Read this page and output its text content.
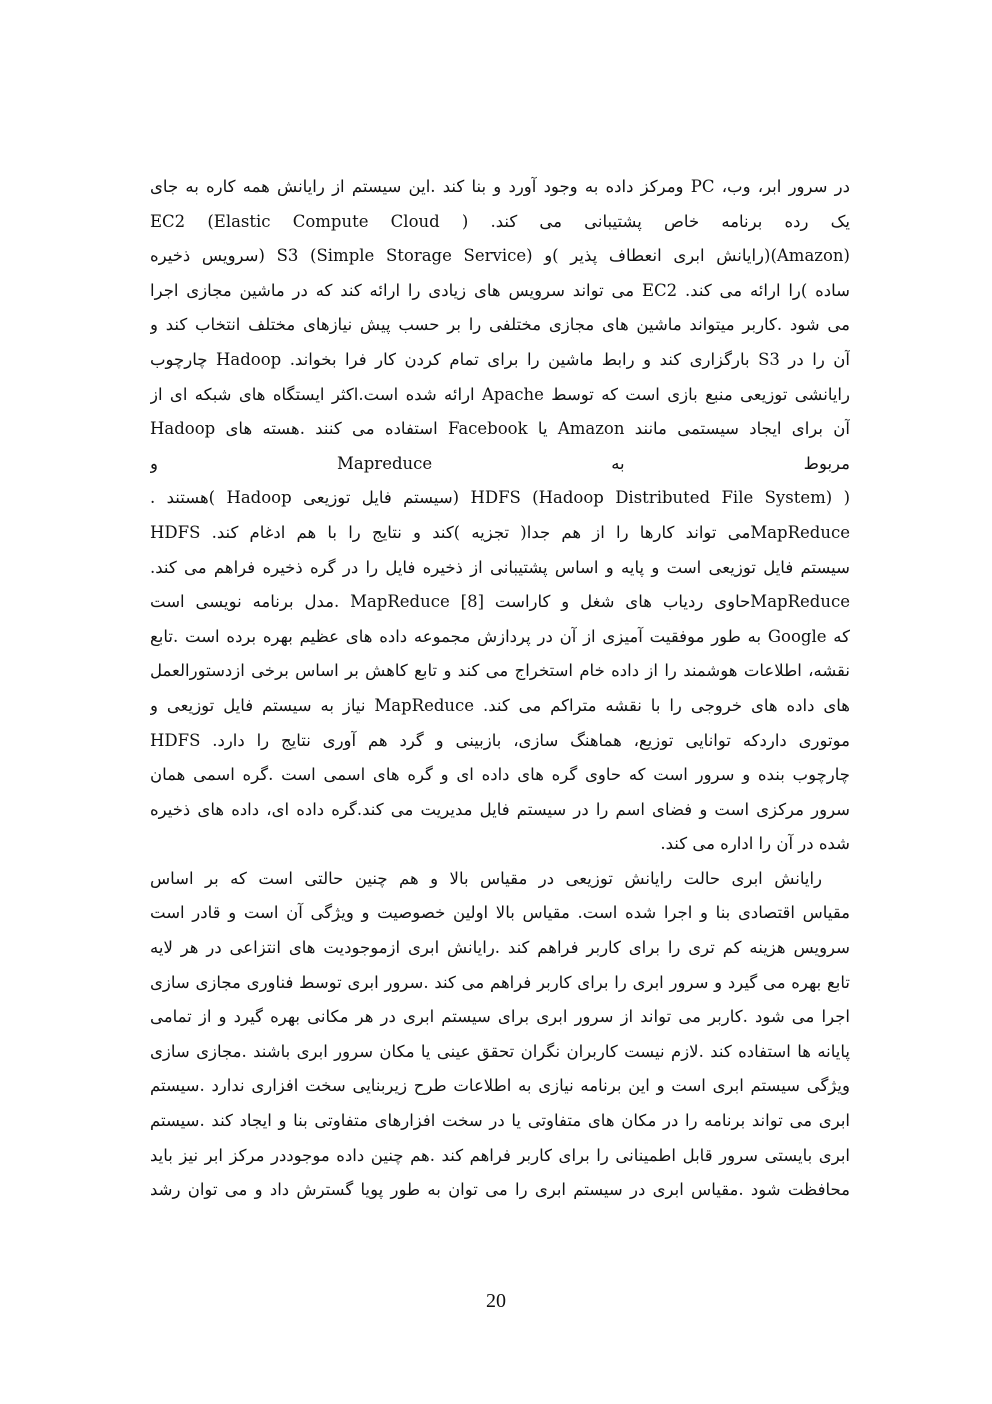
در سرور ابر، وب، PC ومرکز داده به وجود آورد و بنا کند .این سیستم از رایانش همه کاره به جای
یک رده برنامه خاص پشتیبانی می کند. ( EC2 (Elastic Compute Cloud
(Amazon)(رایانش ابری انعطاف پذیر )و S3 (Simple Storage Service) (سرویس ذخیره
ساده )را ارائه می کند. EC2 می تواند سرویس های زیادی را ارائه کند که در ماشین مجازی اجرا
می شود .کاربر میتواند ماشین های مجازی مختلفی را بر حسب پیش نیازهای مختلف انتخاب کند و
آن را در S3 بارگزاری کند و رابط ماشین را برای تمام کردن کار فرا بخواند. Hadoop چارچوب
رایانشی توزیعی منبع بازی است که توسط Apache ارائه شده است.اکثر ایستگاه های شبکه ای از
آن برای ایجاد سیستمی مانند Amazon یا Facebook استفاده می کنند .هسته های Hadoop
مربوط به Mapreduce و
( HDFS (Hadoop Distributed File System) (سیستم فایل توزیعی Hadoop )هستند .
MapReduceمی تواند کارها را از هم جدا( تجزیه )کند و نتایج را با هم ادغام کند. HDFS
سیستم فایل توزیعی است و پایه و اساس پشتیبانی از ذخیره فایل را در گره ذخیره فراهم می کند.
MapReduceحاوی ردیاب های شغل و کاراست [8] MapReduce .مدل برنامه نویسی است
که Google به طور موفقیت آمیزی از آن در پردازش مجموعه داده های عظیم بهره برده است .تابع
نقشه، اطلاعات هوشمند را از داده خام استخراج می کند و تابع کاهش بر اساس برخی ازدستورالعمل
های داده های خروجی را با نقشه متراکم می کند. MapReduce نیاز به سیستم فایل توزیعی و
موتوری داردکه توانایی توزیع، هماهنگ سازی، بازبینی و گرد هم آوری نتایج را دارد. HDFS
چارچوب بنده و سرور است که حاوی گره های داده ای و گره های اسمی است .گره اسمی همان
سرور مرکزی است و فضای اسم را در سیستم فایل مدیریت می کند.گره داده ای، داده های ذخیره
شده در آن را اداره می کند.
رایانش ابری حالت رایانش توزیعی در مقیاس بالا و هم چنین حالتی است که بر اساس
مقیاس اقتصادی بنا و اجرا شده است. مقیاس بالا اولین خصوصیت و ویژگی آن است و قادر است
سرویس هزینه کم تری را برای کاربر فراهم کند .رایانش ابری ازموجودیت های انتزاعی در هر لایه
تابع بهره می گیرد و سرور ابری را برای کاربر فراهم می کند .سرور ابری توسط فناوری مجازی سازی
اجرا می شود .کاربر می تواند از سرور ابری برای سیستم ابری در هر مکانی بهره گیرد و از تمامی
پایانه ها استفاده کند .لازم نیست کاربران نگران تحقق عینی یا مکان سرور ابری باشند .مجازی سازی
ویژگی سیستم ابری است و این برنامه نیازی به اطلاعات طرح زیربنایی سخت افزاری ندارد .سیستم
ابری می تواند برنامه را در مکان های متفاوتی یا در سخت افزارهای متفاوتی بنا و ایجاد کند .سیستم
ابری بایستی سرور قابل اطمینانی را برای کاربر فراهم کند .هم چنین داده موجوددر مرکز ابر نیز باید
محافظت شود .مقیاس ابری در سیستم ابری را می توان به طور پویا گسترش داد و می توان رشد
20
